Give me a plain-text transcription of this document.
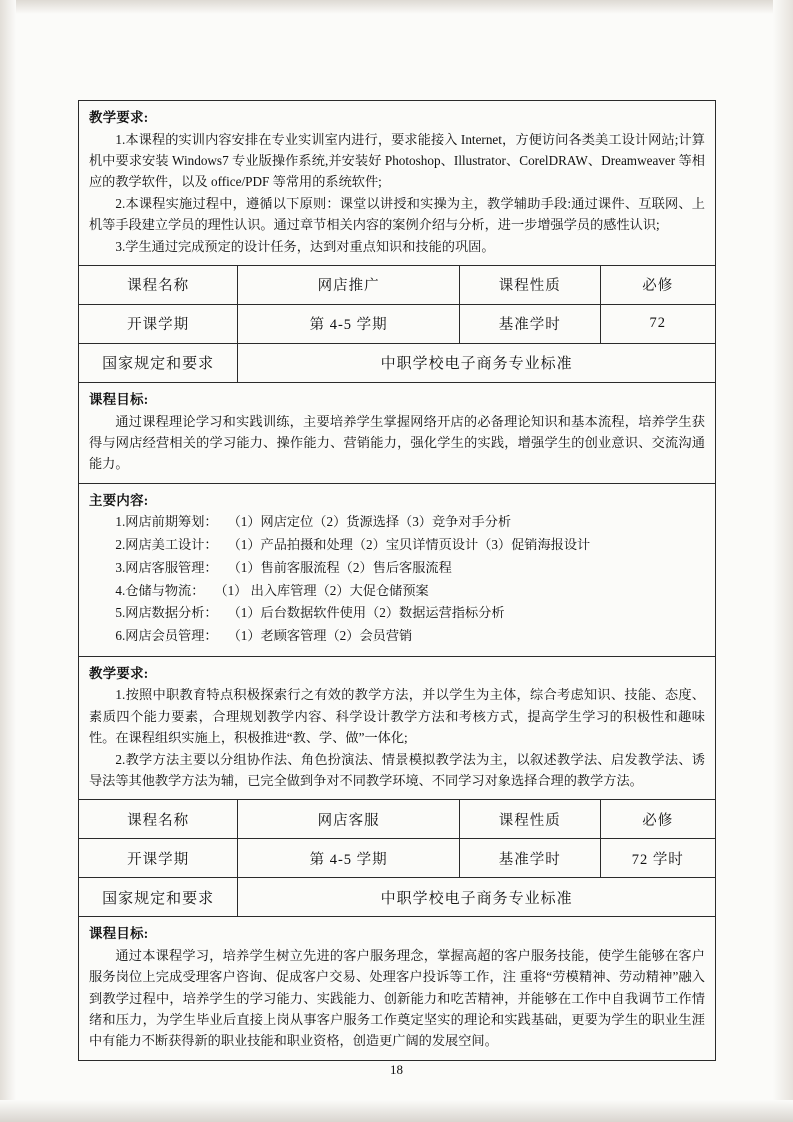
教学要求:
1.本课程的实训内容安排在专业实训室内进行，要求能接入 Internet，方便访问各类美工设计网站;计算机中要求安装 Windows7 专业版操作系统,并安装好 Photoshop、Illustrator、CorelDRAW、Dreamweaver 等相应的教学软件，以及 office/PDF 等常用的系统软件;
2.本课程实施过程中，遵循以下原则：课堂以讲授和实操为主，教学辅助手段:通过课件、互联网、上机等手段建立学员的理性认识。通过章节相关内容的案例介绍与分析，进一步增强学员的感性认识;
3.学生通过完成预定的设计任务，达到对重点知识和技能的巩固。
课程名称	网店推广	课程性质	必修
开课学期	第 4-5 学期	基准学时	72
国家规定和要求	中职学校电子商务专业标准		
课程目标:
通过课程理论学习和实践训练，主要培养学生掌握网络开店的必备理论知识和基本流程，培养学生获得与网店经营相关的学习能力、操作能力、营销能力，强化学生的实践，增强学生的创业意识、交流沟通能力。
主要内容:
1.网店前期筹划： （1）网店定位（2）货源选择（3）竞争对手分析
2.网店美工设计： （1）产品拍摄和处理（2）宝贝详情页设计（3）促销海报设计
3.网店客服管理： （1）售前客服流程（2）售后客服流程
4.仓储与物流： （1） 出入库管理（2）大促仓储预案
5.网店数据分析： （1）后台数据软件使用（2）数据运营指标分析
6.网店会员管理： （1）老顾客管理（2）会员营销
教学要求:
1.按照中职教育特点积极探索行之有效的教学方法，并以学生为主体，综合考虑知识、技能、态度、素质四个能力要素，合理规划教学内容、科学设计教学方法和考核方式，提高学生学习的积极性和趣味性。在课程组织实施上，积极推进“教、学、做”一体化;
2.教学方法主要以分组协作法、角色扮演法、情景模拟教学法为主，以叙述教学法、启发教学法、诱导法等其他教学方法为辅，已完全做到争对不同教学环境、不同学习对象选择合理的教学方法。
课程名称	网店客服	课程性质	必修
开课学期	第 4-5 学期	基准学时	72 学时
国家规定和要求	中职学校电子商务专业标准		
课程目标:
通过本课程学习，培养学生树立先进的客户服务理念，掌握高超的客户服务技能，使学生能够在客户服务岗位上完成受理客户咨询、促成客户交易、处理客户投诉等工作，注 重将“劳模精神、劳动精神”融入到教学过程中，培养学生的学习能力、实践能力、创新能力和吃苦精神，并能够在工作中自我调节工作情绪和压力，为学生毕业后直接上岗从事客户服务工作奠定坚实的理论和实践基础，更要为学生的职业生涯中有能力不断获得新的职业技能和职业资格，创造更广阔的发展空间。
18
